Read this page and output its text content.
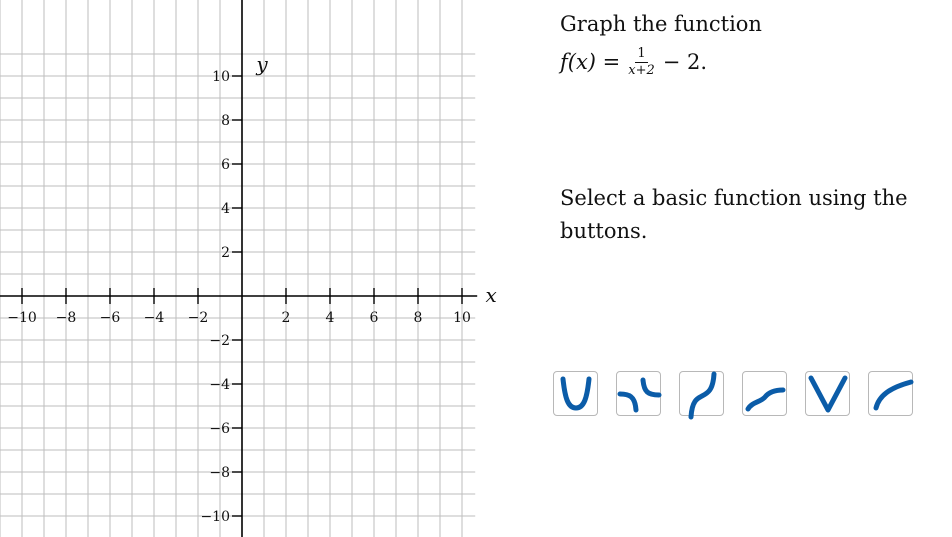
x
y
−10 −8 −6 −4 −2	2	4	6	8 10
10
8
6
4
2
−2
−4
−6
−8
−10

Graph the function

$f(x) = \frac{1}{x+2} - 2$.
Select a basic function using the buttons.
